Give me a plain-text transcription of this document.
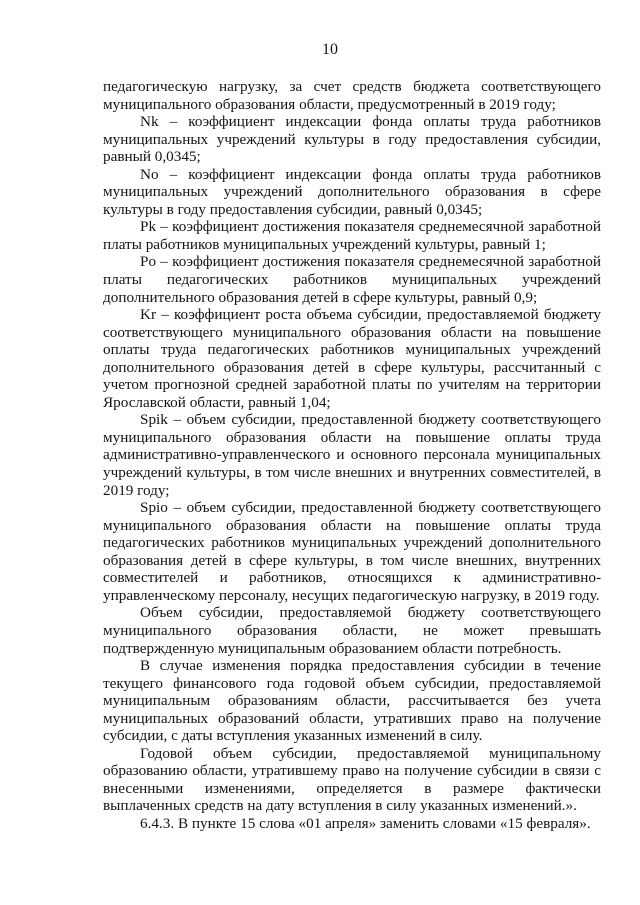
10

педагогическую нагрузку, за счет средств бюджета соответствующего муниципального образования области, предусмотренный в 2019 году;

Nk – коэффициент индексации фонда оплаты труда работников муниципальных учреждений культуры в году предоставления субсидии, равный 0,0345;

No – коэффициент индексации фонда оплаты труда работников муниципальных учреждений дополнительного образования в сфере культуры в году предоставления субсидии, равный 0,0345;

Pk – коэффициент достижения показателя среднемесячной заработной платы работников муниципальных учреждений культуры, равный 1;

Po – коэффициент достижения показателя среднемесячной заработной платы педагогических работников муниципальных учреждений дополнительного образования детей в сфере культуры, равный 0,9;

Kr – коэффициент роста объема субсидии, предоставляемой бюджету соответствующего муниципального образования области на повышение оплаты труда педагогических работников муниципальных учреждений дополнительного образования детей в сфере культуры, рассчитанный с учетом прогнозной средней заработной платы по учителям на территории Ярославской области, равный 1,04;

Spik – объем субсидии, предоставленной бюджету соответствующего муниципального образования области на повышение оплаты труда административно-управленческого и основного персонала муниципальных учреждений культуры, в том числе внешних и внутренних совместителей, в 2019 году;

Spio – объем субсидии, предоставленной бюджету соответствующего муниципального образования области на повышение оплаты труда педагогических работников муниципальных учреждений дополнительного образования детей в сфере культуры, в том числе внешних, внутренних совместителей и работников, относящихся к административно-управленческому персоналу, несущих педагогическую нагрузку, в 2019 году.

Объем субсидии, предоставляемой бюджету соответствующего муниципального образования области, не может превышать подтвержденную муниципальным образованием области потребность.

В случае изменения порядка предоставления субсидии в течение текущего финансового года годовой объем субсидии, предоставляемой муниципальным образованиям области, рассчитывается без учета муниципальных образований области, утративших право на получение субсидии, с даты вступления указанных изменений в силу.

Годовой объем субсидии, предоставляемой муниципальному образованию области, утратившему право на получение субсидии в связи с внесенными изменениями, определяется в размере фактически выплаченных средств на дату вступления в силу указанных изменений.».

6.4.3. В пункте 15 слова «01 апреля» заменить словами «15 февраля».
